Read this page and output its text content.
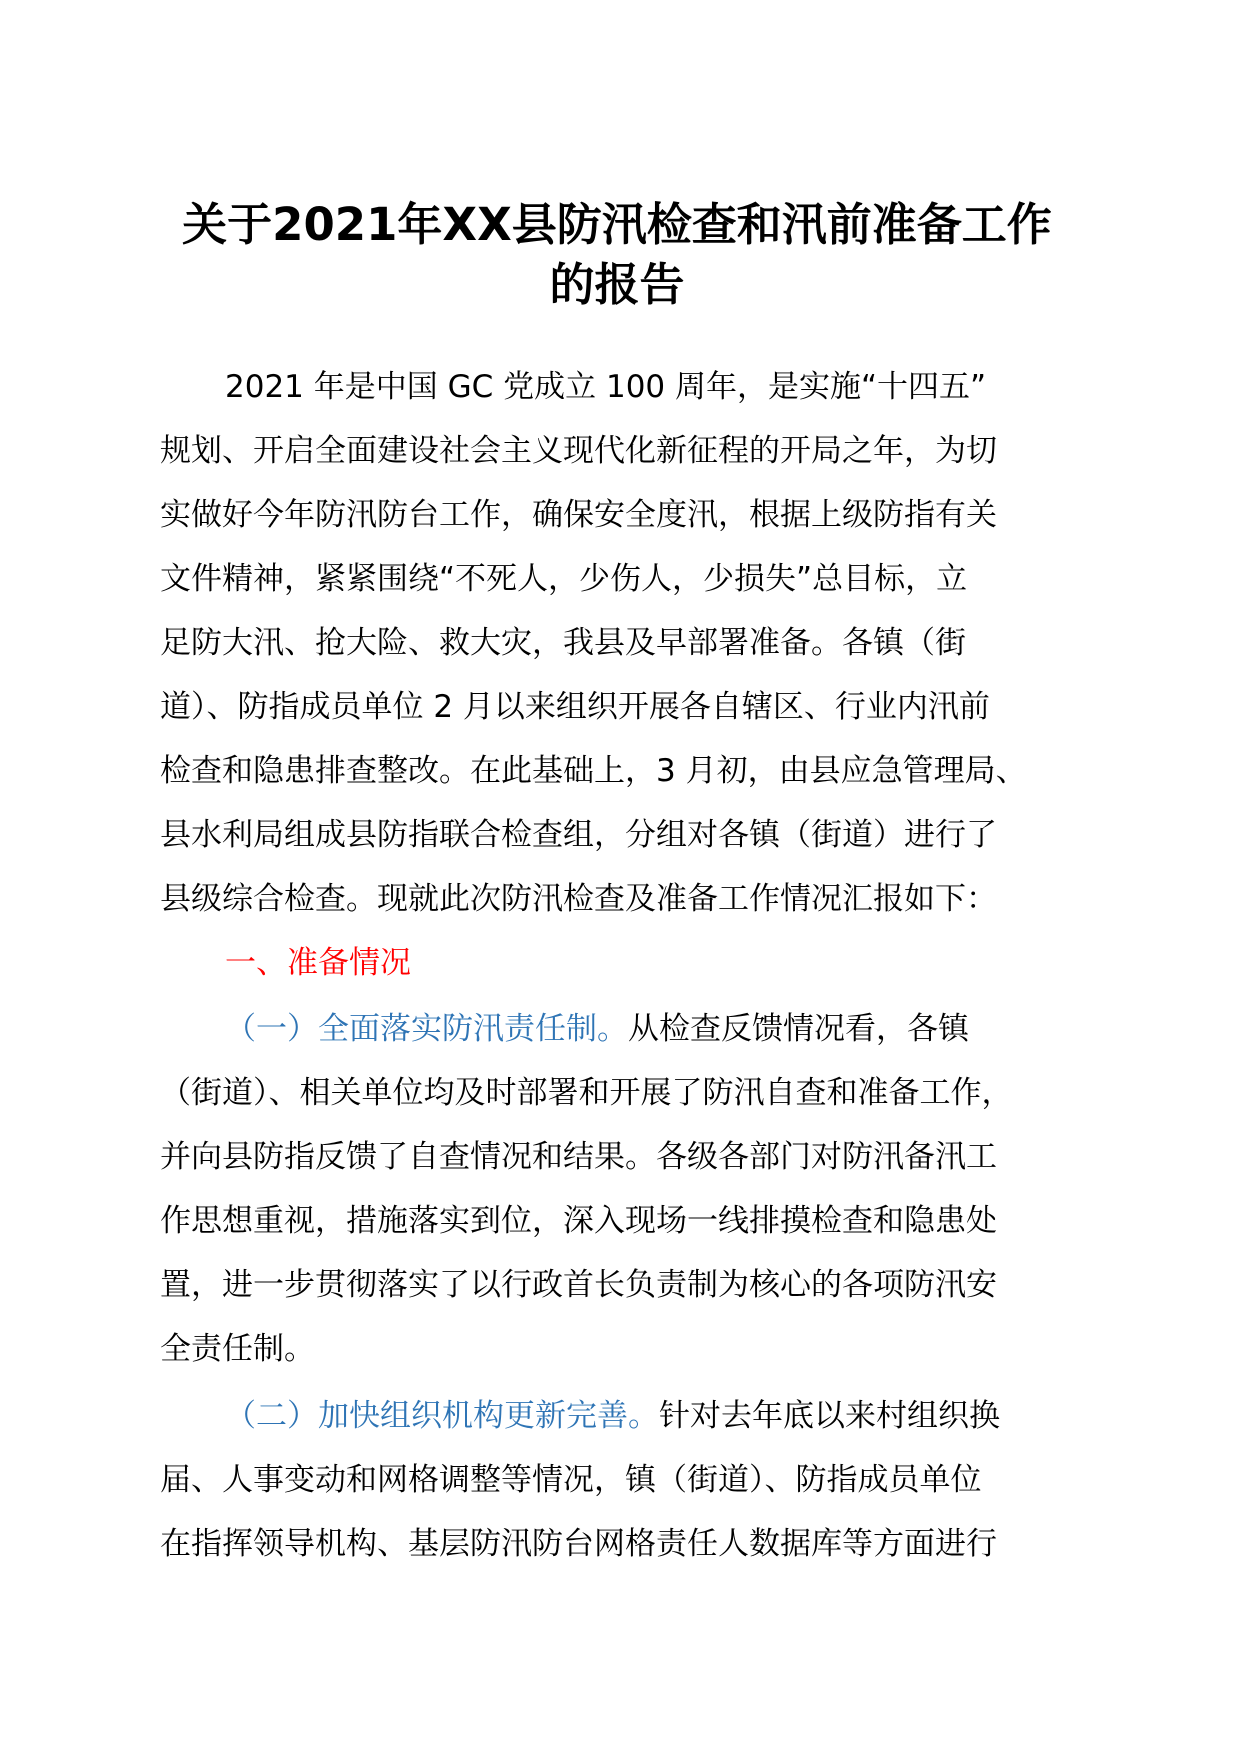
关于2021年XX县防汛检查和汛前准备工作
的报告
2021 年是中国 GC 党成立 100 周年，是实施“十四五”
规划、开启全面建设社会主义现代化新征程的开局之年，为切
实做好今年防汛防台工作，确保安全度汛，根据上级防指有关
文件精神，紧紧围绕“不死人，少伤人，少损失”总目标，立
足防大汛、抢大险、救大灾，我县及早部署准备。各镇（街
道）、防指成员单位 2 月以来组织开展各自辖区、行业内汛前
检查和隐患排查整改。在此基础上，3 月初，由县应急管理局、
县水利局组成县防指联合检查组，分组对各镇（街道）进行了
县级综合检查。现就此次防汛检查及准备工作情况汇报如下：
一、准备情况
（一）全面落实防汛责任制。从检查反馈情况看，各镇
（街道）、相关单位均及时部署和开展了防汛自查和准备工作，
并向县防指反馈了自查情况和结果。各级各部门对防汛备汛工
作思想重视，措施落实到位，深入现场一线排摸检查和隐患处
置，进一步贯彻落实了以行政首长负责制为核心的各项防汛安
全责任制。
（二）加快组织机构更新完善。针对去年底以来村组织换
届、人事变动和网格调整等情况，镇（街道）、防指成员单位
在指挥领导机构、基层防汛防台网格责任人数据库等方面进行
